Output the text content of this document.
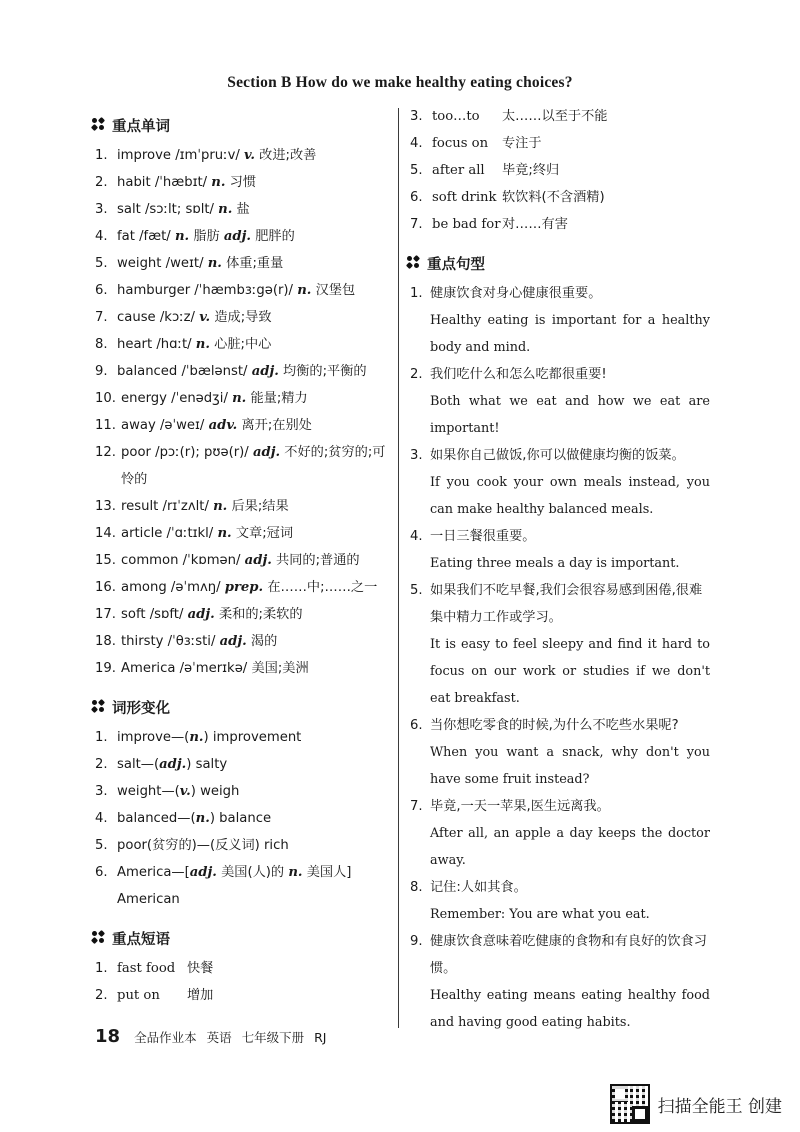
Section B How do we make healthy eating choices?
重点单词
1. improve /ɪmˈpruːv/ v. 改进;改善
2. habit /ˈhæbɪt/ n. 习惯
3. salt /sɔːlt; sɒlt/ n. 盐
4. fat /fæt/ n. 脂肪 adj. 肥胖的
5. weight /weɪt/ n. 体重;重量
6. hamburger /ˈhæmbɜːgə(r)/ n. 汉堡包
7. cause /kɔːz/ v. 造成;导致
8. heart /hɑːt/ n. 心脏;中心
9. balanced /ˈbælənst/ adj. 均衡的;平衡的
10. energy /ˈenədʒi/ n. 能量;精力
11. away /əˈweɪ/ adv. 离开;在别处
12. poor /pɔː(r); pʊə(r)/ adj. 不好的;贫穷的;可怜的
13. result /rɪˈzʌlt/ n. 后果;结果
14. article /ˈɑːtɪkl/ n. 文章;冠词
15. common /ˈkɒmən/ adj. 共同的;普通的
16. among /əˈmʌŋ/ prep. 在……中;……之一
17. soft /sɒft/ adj. 柔和的;柔软的
18. thirsty /ˈθɜːsti/ adj. 渴的
19. America /əˈmerɪkə/ 美国;美洲
词形变化
1. improve—(n.) improvement
2. salt—(adj.) salty
3. weight—(v.) weigh
4. balanced—(n.) balance
5. poor(贫穷的)—(反义词) rich
6. America—[adj. 美国(人)的 n. 美国人] American
重点短语
1. fast food 快餐
2. put on 增加
3. too…to 太……以至于不能
4. focus on 专注于
5. after all 毕竟;终归
6. soft drink 软饮料(不含酒精)
7. be bad for对……有害
重点句型
1. 健康饮食对身心健康很重要。
Healthy eating is important for a healthy body and mind.
2. 我们吃什么和怎么吃都很重要!
Both what we eat and how we eat are important!
3. 如果你自己做饭,你可以做健康均衡的饭菜。
If you cook your own meals instead, you can make healthy balanced meals.
4. 一日三餐很重要。
Eating three meals a day is important.
5. 如果我们不吃早餐,我们会很容易感到困倦,很难集中精力工作或学习。
It is easy to feel sleepy and find it hard to focus on our work or studies if we don't eat breakfast.
6. 当你想吃零食的时候,为什么不吃些水果呢?
When you want a snack, why don't you have some fruit instead?
7. 毕竟,一天一苹果,医生远离我。
After all, an apple a day keeps the doctor away.
8. 记住:人如其食。
Remember: You are what you eat.
9. 健康饮食意味着吃健康的食物和有良好的饮食习惯。
Healthy eating means eating healthy food and having good eating habits.
18 全品作业本 英语 七年级下册 RJ
扫描全能王 创建
